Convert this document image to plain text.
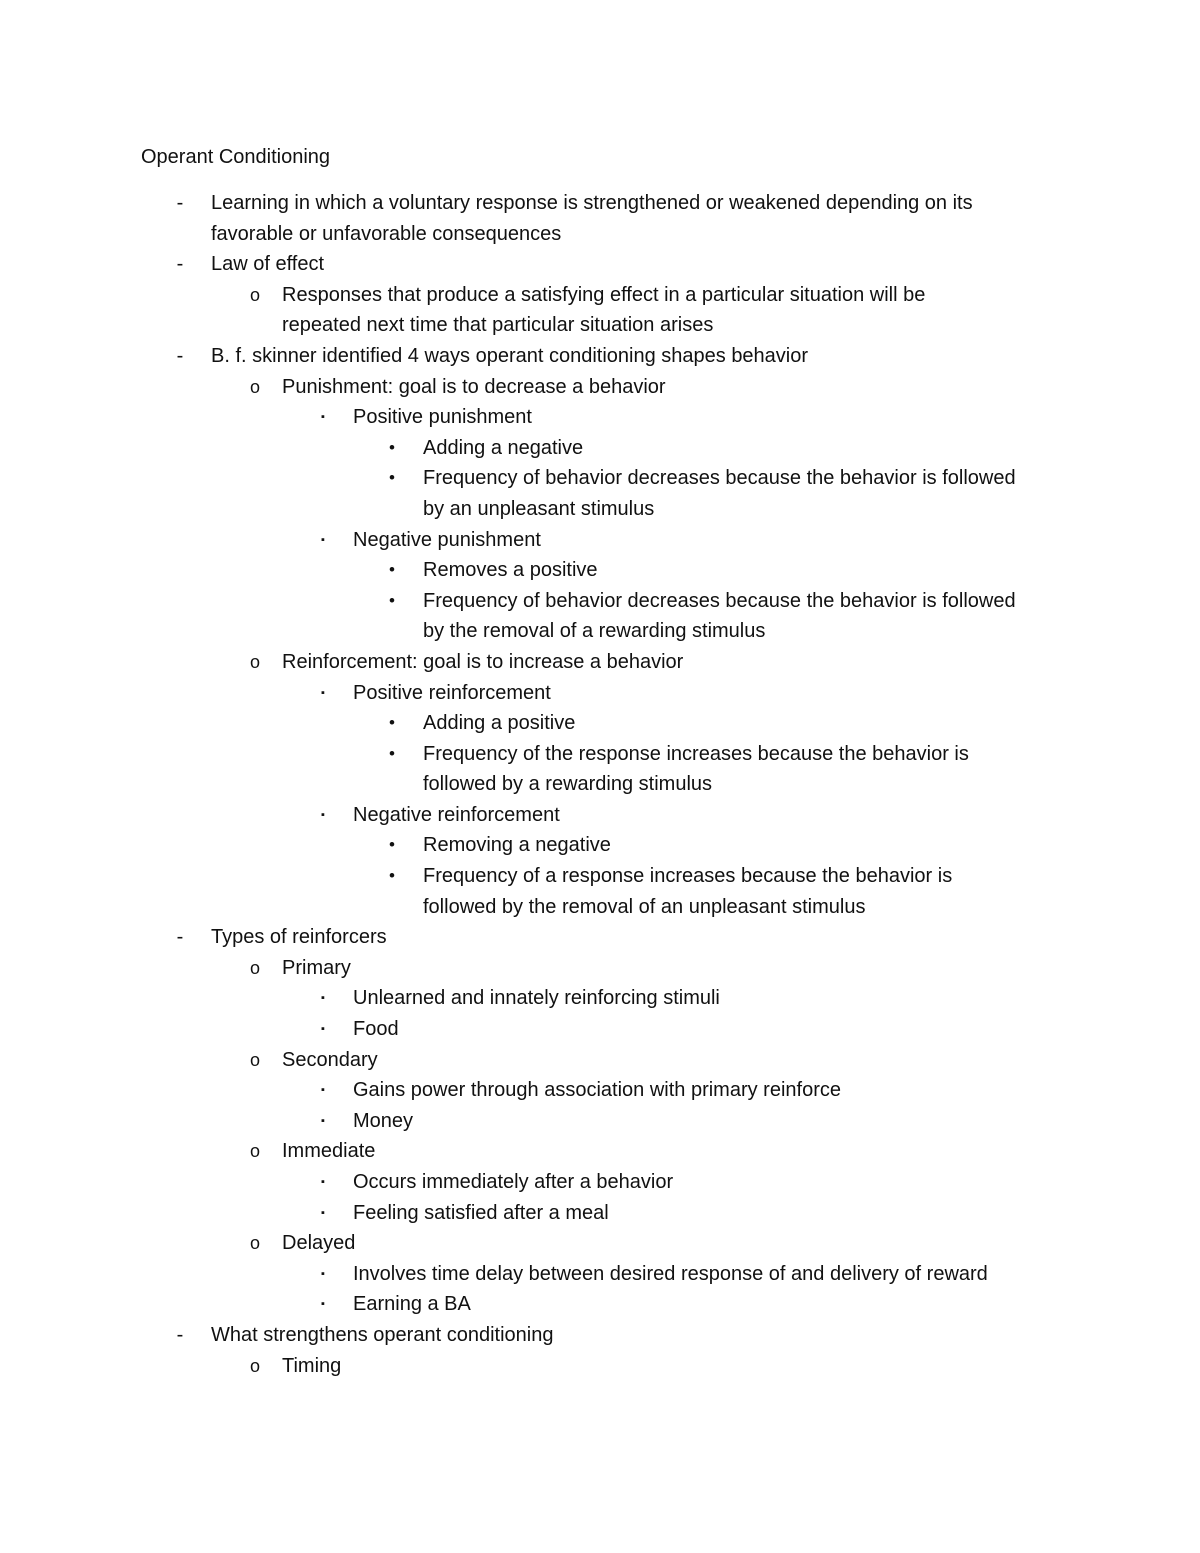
Operant Conditioning
-	Learning in which a voluntary response is strengthened or weakened depending on its
favorable or unfavorable consequences
-	Law of effect
o Responses that produce a satisfying effect in a particular situation will be
repeated next time that particular situation arises
-	B. f. skinner identified 4 ways operant conditioning shapes behavior
o Punishment: goal is to decrease a behavior
▪	Positive punishment
•	Adding a negative
•	Frequency of behavior decreases because the behavior is followed
by an unpleasant stimulus
▪	Negative punishment
•	Removes a positive
•	Frequency of behavior decreases because the behavior is followed
by the removal of a rewarding stimulus
o Reinforcement: goal is to increase a behavior
▪	Positive reinforcement
•	Adding a positive
•	Frequency of the response increases because the behavior is
followed by a rewarding stimulus
▪	Negative reinforcement
•	Removing a negative
•	Frequency of a response increases because the behavior is
followed by the removal of an unpleasant stimulus
-	Types of reinforcers
o Primary
▪	Unlearned and innately reinforcing stimuli
▪	Food
o Secondary
▪	Gains power through association with primary reinforce
▪	Money
o Immediate
▪	Occurs immediately after a behavior
▪	Feeling satisfied after a meal
o Delayed
▪	Involves time delay between desired response of and delivery of reward
▪	Earning a BA
-	What strengthens operant conditioning
o Timing
